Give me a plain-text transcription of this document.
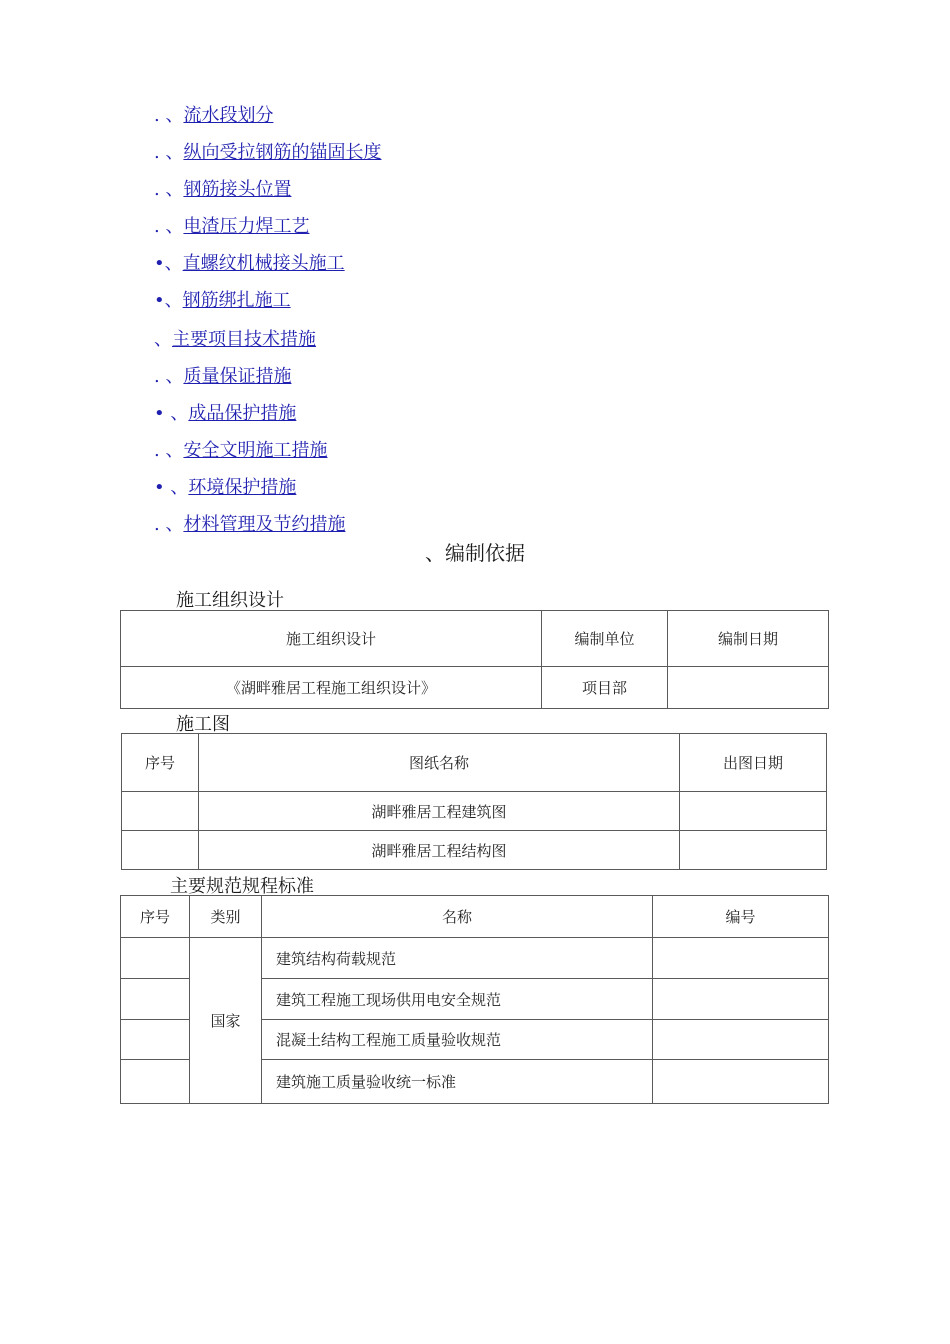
. 、流水段划分
. 、纵向受拉钢筋的锚固长度
. 、钢筋接头位置
. 、电渣压力焊工艺
•、直螺纹机械接头施工
•、钢筋绑扎施工
、主要项目技术措施
. 、质量保证措施
• 、成品保护措施
. 、安全文明施工措施
• 、环境保护措施
. 、材料管理及节约措施
、编制依据
施工组织设计
施工组织设计	编制单位	编制日期
《湖畔雅居工程施工组织设计》	项目部	
施工图
序号	图纸名称	出图日期
	湖畔雅居工程建筑图	
	湖畔雅居工程结构图	
主要规范规程标准
序号	类别	名称	编号
	国家	建筑结构荷载规范	
		建筑工程施工现场供用电安全规范	
		混凝土结构工程施工质量验收规范	
		建筑施工质量验收统一标准	
